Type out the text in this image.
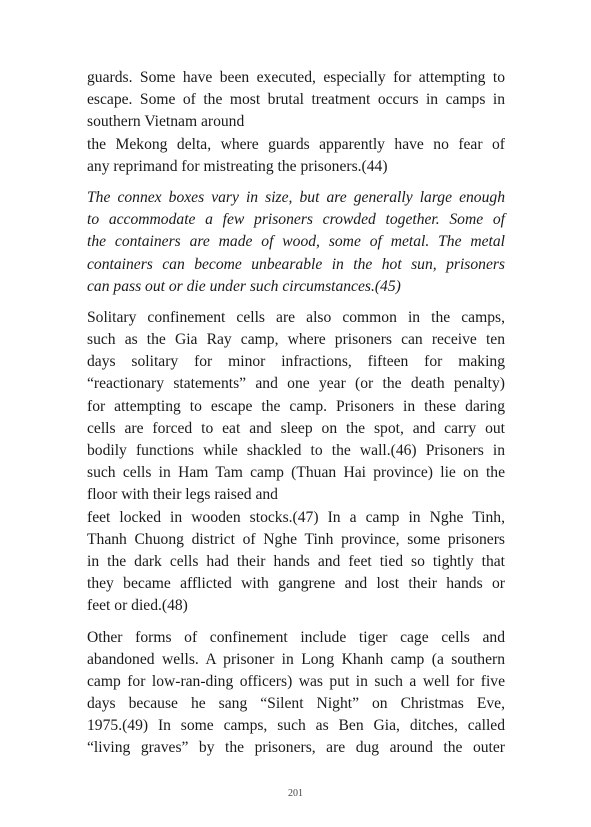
guards. Some have been executed, especially for attempting to
escape. Some of the most brutal treatment occurs in camps in
southern Vietnam around
the Mekong delta, where guards apparently have no fear of
any reprimand for mistreating the prisoners.(44)
The connex boxes vary in size, but are generally large enough
to accommodate a few prisoners crowded together. Some of
the containers are made of wood, some of metal. The metal
containers can become unbearable in the hot sun, prisoners
can pass out or die under such circumstances.(45)
Solitary confinement cells are also common in the camps,
such as the Gia Ray camp, where prisoners can receive ten
days solitary for minor infractions, fifteen for making
“reactionary statements” and one year (or the death penalty)
for attempting to escape the camp. Prisoners in these daring
cells are forced to eat and sleep on the spot, and carry out
bodily functions while shackled to the wall.(46) Prisoners in
such cells in Ham Tam camp (Thuan Hai province) lie on the
floor with their legs raised and
feet locked in wooden stocks.(47) In a camp in Nghe Tinh,
Thanh Chuong district of Nghe Tinh province, some prisoners
in the dark cells had their hands and feet tied so tightly that
they became afflicted with gangrene and lost their hands or
feet or died.(48)
Other forms of confinement include tiger cage cells and
abandoned wells. A prisoner in Long Khanh camp (a southern
camp for low-ran-ding officers) was put in such a well for five
days because he sang “Silent Night” on Christmas Eve,
1975.(49) In some camps, such as Ben Gia, ditches, called
“living graves” by the prisoners, are dug around the outer
201
